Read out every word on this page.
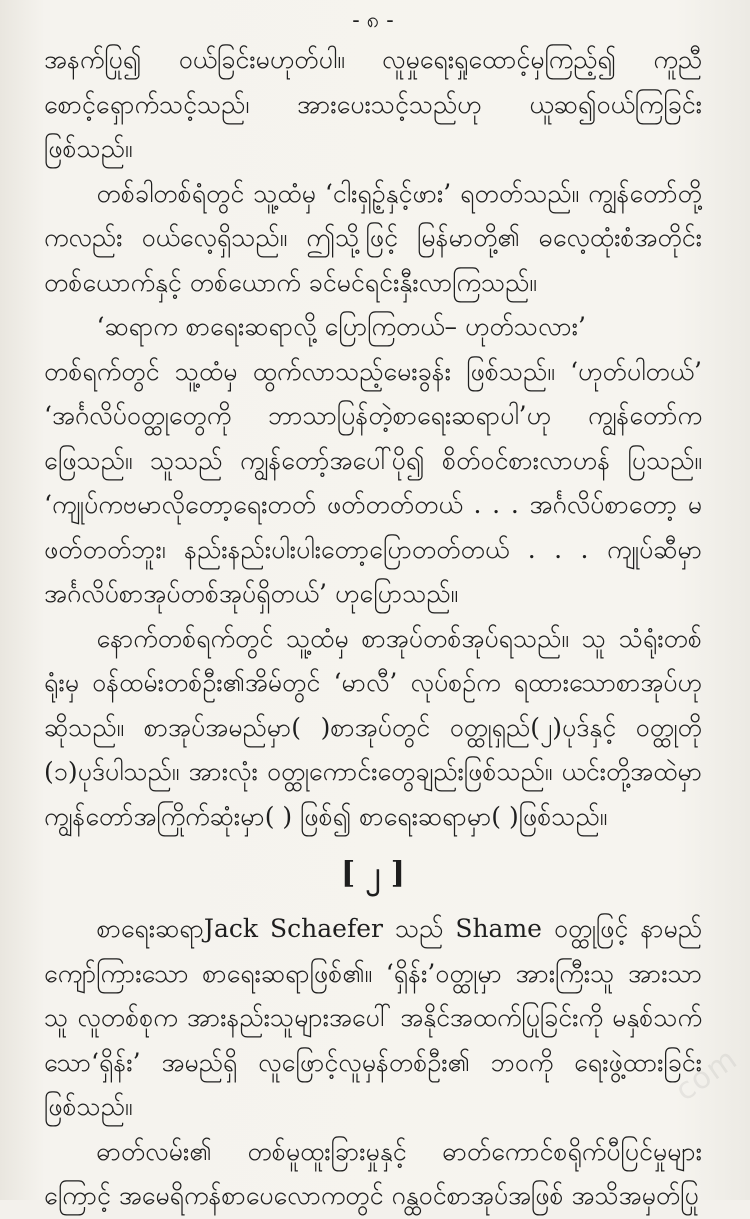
- ၈ -

အနက်ပြု၍ ဝယ်ခြင်းမဟုတ်ပါ။ လူမှုရေးရှုထောင့်မှကြည့်၍ ကူညီစောင့်ရှောက်သင့်သည်၊ အားပေးသင့်သည်ဟု ယူဆ၍ဝယ်ကြခြင်းဖြစ်သည်။

တစ်ခါတစ်ရံတွင် သူ့ထံမှ ‘ငါးရှဉ့်နှင့်ဖား’ ရတတ်သည်။ ကျွန်တော်တို့ကလည်း ဝယ်လေ့ရှိသည်။ ဤသို့ဖြင့် မြန်မာတို့၏ ဓလေ့ထုံးစံအတိုင်း တစ်ယောက်နှင့် တစ်ယောက် ခင်မင်ရင်းနှီးလာကြသည်။

‘ဆရာက စာရေးဆရာလို့ ပြောကြတယ်– ဟုတ်သလား’

တစ်ရက်တွင် သူ့ထံမှ ထွက်လာသည့်မေးခွန်း ဖြစ်သည်။ ‘ဟုတ်ပါတယ်’ ‘အင်္ဂလိပ်ဝတ္ထုတွေကို ဘာသာပြန်တဲ့စာရေးဆရာပါ’ဟု ကျွန်တော်က ဖြေသည်။ သူသည် ကျွန်တော့်အပေါ်ပို၍ စိတ်ဝင်စားလာဟန် ပြသည်။ ‘ကျုပ်ကဗမာလိုတော့ရေးတတ် ဖတ်တတ်တယ် . . . အင်္ဂလိပ်စာတော့ မဖတ်တတ်ဘူး၊ နည်းနည်းပါးပါးတော့ပြောတတ်တယ် . . . ကျုပ်ဆီမှာ အင်္ဂလိပ်စာအုပ်တစ်အုပ်ရှိတယ်’ ဟုပြောသည်။

နောက်တစ်ရက်တွင် သူ့ထံမှ စာအုပ်တစ်အုပ်ရသည်။ သူ သံရုံးတစ်ရုံးမှ ဝန်ထမ်းတစ်ဦး၏အိမ်တွင် ‘မာလီ’ လုပ်စဉ်က ရထားသောစာအုပ်ဟု ဆိုသည်။ စာအုပ်အမည်မှာ( )စာအုပ်တွင် ဝတ္ထုရှည်(၂)ပုဒ်နှင့် ဝတ္ထုတို (၁)ပုဒ်ပါသည်။ အားလုံး ဝတ္ထုကောင်းတွေချည်းဖြစ်သည်။ ယင်းတို့အထဲမှာ ကျွန်တော်အကြိုက်ဆုံးမှာ( ) ဖြစ်၍ စာရေးဆရာမှာ( )ဖြစ်သည်။

[ ၂ ]

စာရေးဆရာJack Schaefer သည် Shame ဝတ္ထုဖြင့် နာမည်ကျော်ကြားသော စာရေးဆရာဖြစ်၏။ ‘ရှိန်း’ဝတ္ထုမှာ အားကြီးသူ အားသာသူ လူတစ်စုက အားနည်းသူများအပေါ် အနိုင်အထက်ပြုခြင်းကို မနှစ်သက်သော‘ရှိန်း’ အမည်ရှိ လူဖြောင့်လူမှန်တစ်ဦး၏ ဘဝကို ရေးဖွဲ့ထားခြင်းဖြစ်သည်။

ဓာတ်လမ်း၏ တစ်မူထူးခြားမှုနှင့် ဓာတ်ကောင်စရိုက်ပီပြင်မှုများကြောင့် အမေရိကန်စာပေလောကတွင် ဂန္ထဝင်စာအုပ်အဖြစ် အသိအမှတ်ပြု

com
